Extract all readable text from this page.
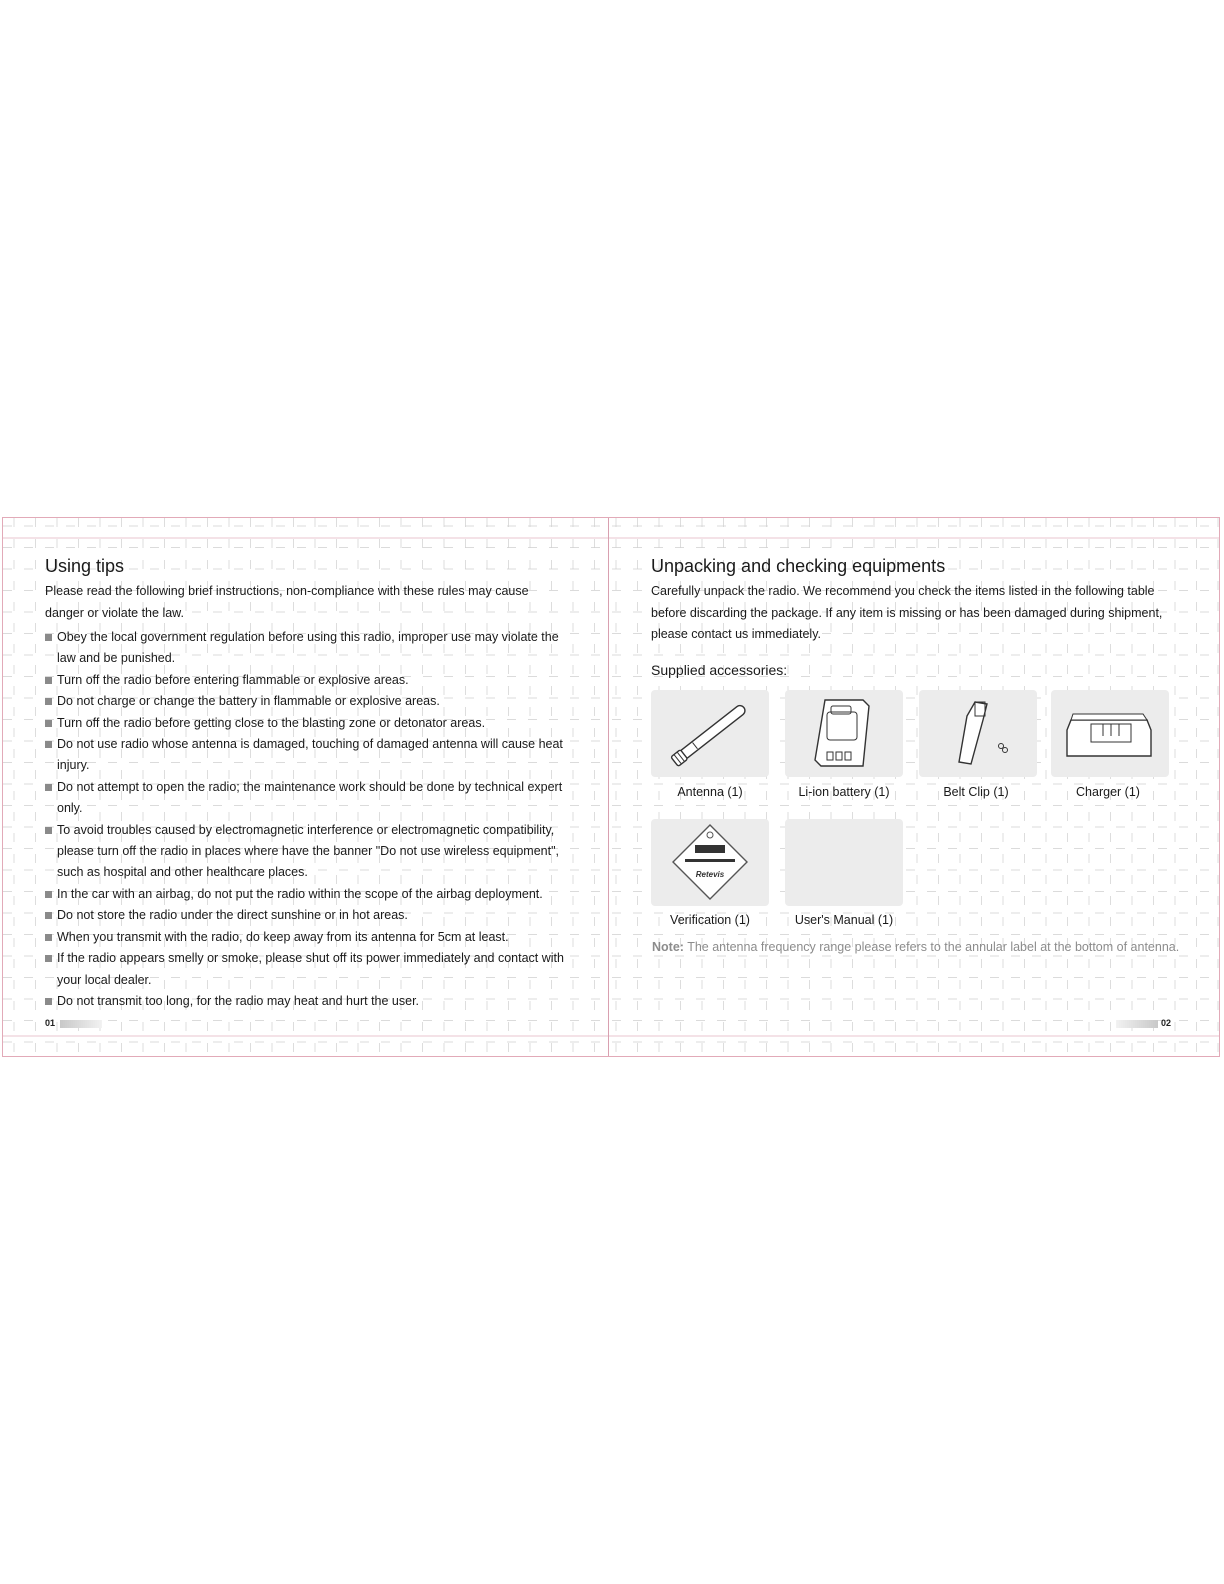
Using tips

Please read the following brief instructions, non-compliance with these rules may cause danger or violate the law.

Obey the local government regulation before using this radio, improper use may violate the law and be punished.
Turn off the radio before entering flammable or explosive areas.
Do not charge or change the battery in flammable or explosive areas.
Turn off the radio before getting close to the blasting zone or detonator areas.
Do not use radio whose antenna is damaged, touching of damaged antenna will cause heat injury.
Do not attempt to open the radio; the maintenance work should be done by technical expert only.
To avoid troubles caused by electromagnetic interference or electromagnetic compatibility, please turn off the radio in places where have the banner "Do not use wireless equipment", such as hospital and other healthcare places.
In the car with an airbag, do not put the radio within the scope of the airbag deployment.
Do not store the radio under the direct sunshine or in hot areas.
When you transmit with the radio, do keep away from its antenna for 5cm at least.
If the radio appears smelly or smoke, please shut off its power immediately and contact with your local dealer.
Do not transmit too long, for the radio may heat and hurt the user.
01
Unpacking and checking equipments

Carefully unpack the radio. We recommend you check the items listed in the following table before discarding the package. If any item is missing or has been damaged during shipment, please contact us immediately.

Supplied accessories:

Antenna (1)	Li-ion battery (1)	Belt Clip (1)	Charger (1)
Retevis
Verification (1)	User's Manual (1)
Note: The antenna frequency range please refers to the annular label at the bottom of antenna.
02
